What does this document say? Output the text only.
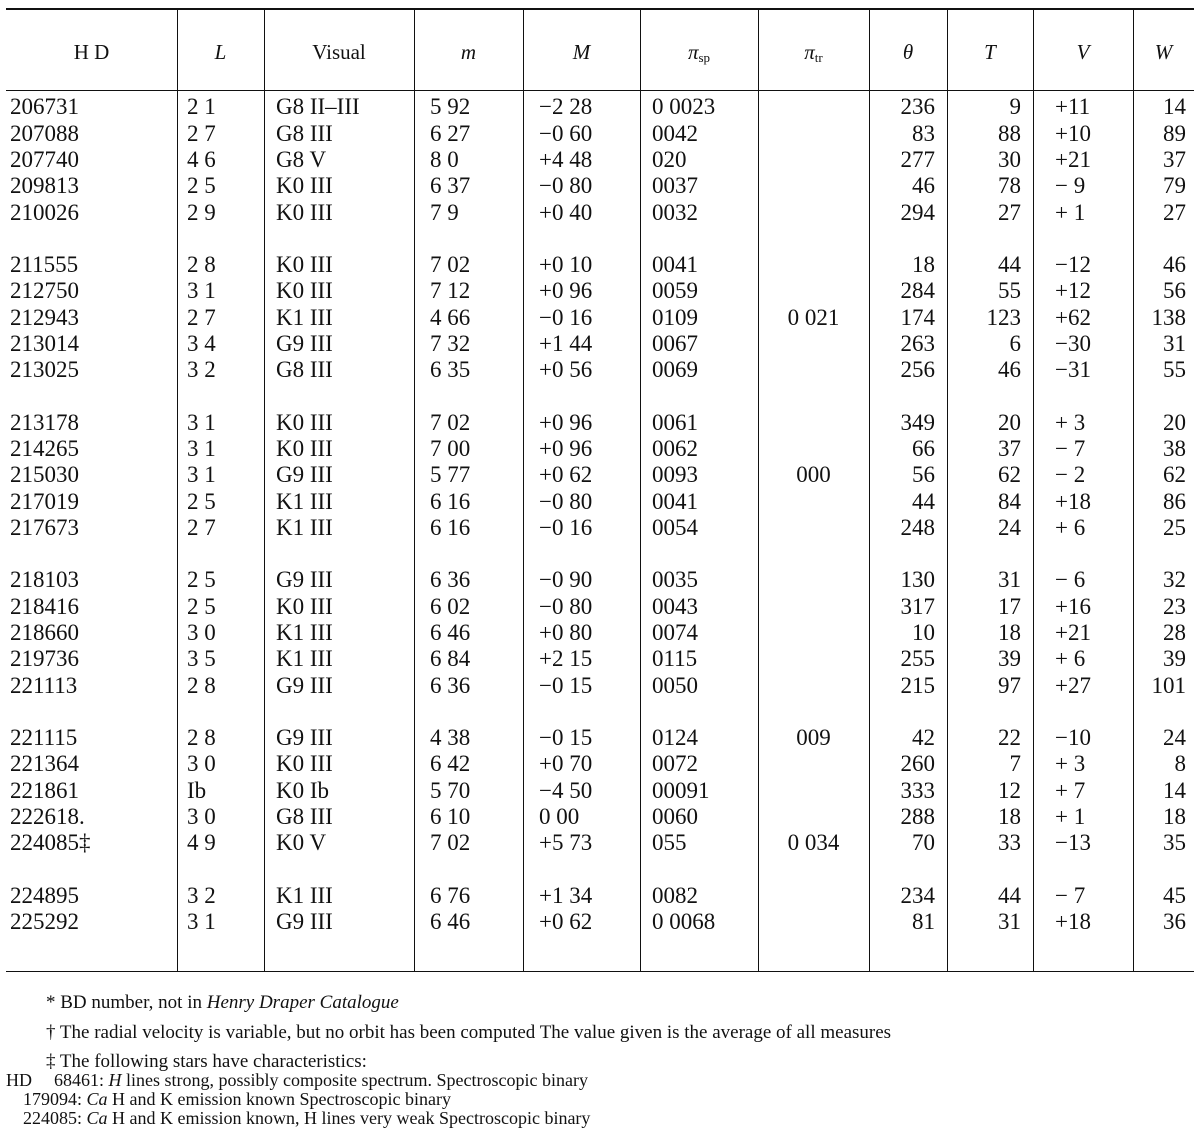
H D	L	Visual	m	M	$\pi_{sp}$	$\pi_{tr}$	θ	T	V	W
206731	2 1	G8 II–III	5 92	−2 28	0 0023		236	9	+11	14
207088	2 7	G8 III	6 27	−0 60	0042		83	88	+10	89
207740	4 6	G8 V	8 0	+4 48	020		277	30	+21	37
209813	2 5	K0 III	6 37	−0 80	0037		46	78	− 9	79
210026	2 9	K0 III	7 9	+0 40	0032		294	27	+ 1	27

211555	2 8	K0 III	7 02	+0 10	0041		18	44	−12	46
212750	3 1	K0 III	7 12	+0 96	0059		284	55	+12	56
212943	2 7	K1 III	4 66	−0 16	0109	0 021	174	123	+62	138
213014	3 4	G9 III	7 32	+1 44	0067		263	6	−30	31
213025	3 2	G8 III	6 35	+0 56	0069		256	46	−31	55

213178	3 1	K0 III	7 02	+0 96	0061		349	20	+ 3	20
214265	3 1	K0 III	7 00	+0 96	0062		66	37	− 7	38
215030	3 1	G9 III	5 77	+0 62	0093	000	56	62	− 2	62
217019	2 5	K1 III	6 16	−0 80	0041		44	84	+18	86
217673	2 7	K1 III	6 16	−0 16	0054		248	24	+ 6	25

218103	2 5	G9 III	6 36	−0 90	0035		130	31	− 6	32
218416	2 5	K0 III	6 02	−0 80	0043		317	17	+16	23
218660	3 0	K1 III	6 46	+0 80	0074		10	18	+21	28
219736	3 5	K1 III	6 84	+2 15	0115		255	39	+ 6	39
221113	2 8	G9 III	6 36	−0 15	0050		215	97	+27	101

221115	2 8	G9 III	4 38	−0 15	0124	009	42	22	−10	24
221364	3 0	K0 III	6 42	+0 70	0072		260	7	+ 3	8
221861	Ib	K0 Ib	5 70	−4 50	00091		333	12	+ 7	14
222618.	3 0	G8 III	6 10	0 00	0060		288	18	+ 1	18
224085‡	4 9	K0 V	7 02	+5 73	055	0 034	70	33	−13	35

224895	3 2	K1 III	6 76	+1 34	0082		234	44	− 7	45
225292	3 1	G9 III	6 46	+0 62	0 0068		81	31	+18	36
* BD number, not in Henry Draper Catalogue
† The radial velocity is variable, but no orbit has been computed The value given is the average of all measures
‡ The following stars have characteristics:
HD 68461: H lines strong, possibly composite spectrum. Spectroscopic binary
179094: Ca H and K emission known Spectroscopic binary
224085: Ca H and K emission known, H lines very weak Spectroscopic binary
